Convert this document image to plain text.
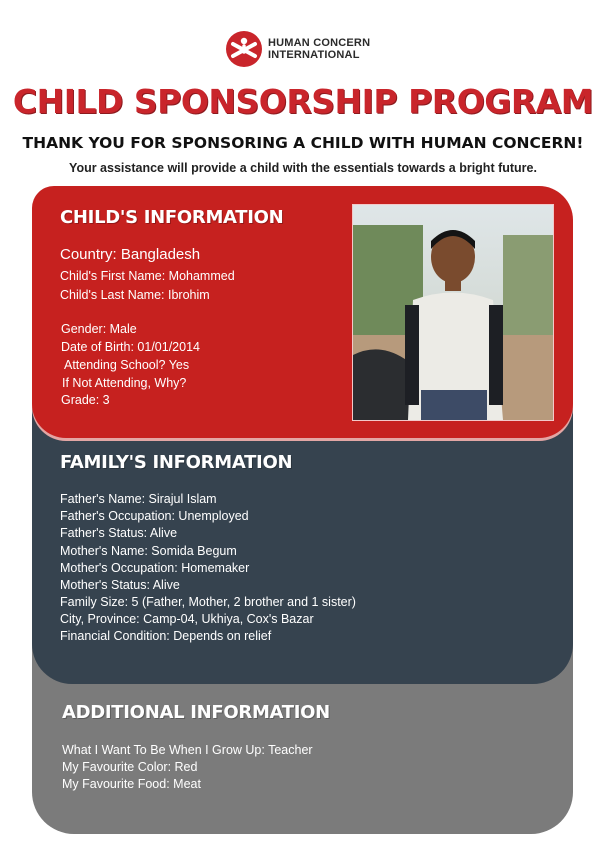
HUMAN CONCERN
INTERNATIONAL
CHILD SPONSORSHIP PROGRAM
THANK YOU FOR SPONSORING A CHILD WITH HUMAN CONCERN!
Your assistance will provide a child with the essentials towards a bright future.
CHILD'S INFORMATION
Country: Bangladesh
Child's First Name: Mohammed
Child's Last Name: Ibrohim
Gender: Male
Date of Birth: 01/01/2014
Attending School? Yes
If Not Attending, Why?
Grade: 3
FAMILY'S INFORMATION
Father's Name: Sirajul Islam
Father's Occupation: Unemployed
Father's Status: Alive
Mother's Name: Somida Begum
Mother's Occupation: Homemaker
Mother's Status: Alive
Family Size: 5 (Father, Mother, 2 brother and 1 sister)
City, Province: Camp-04, Ukhiya, Cox's Bazar
Financial Condition: Depends on relief
ADDITIONAL INFORMATION
What I Want To Be When I Grow Up: Teacher
My Favourite Color: Red
My Favourite Food: Meat
